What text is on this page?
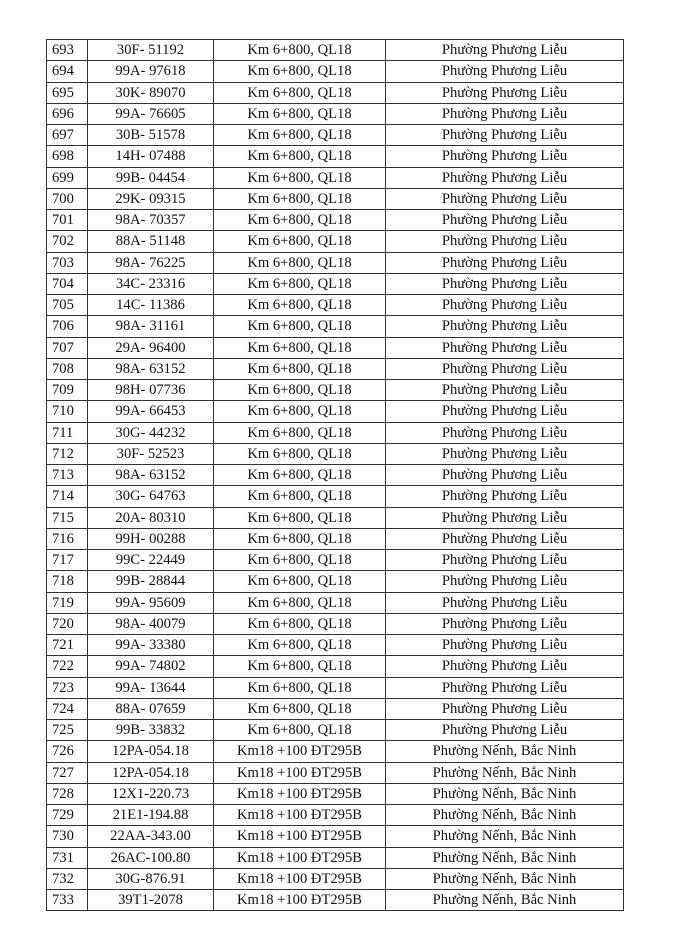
693	30F- 51192	Km 6+800, QL18	Phường Phương Liễu
694	99A- 97618	Km 6+800, QL18	Phường Phương Liễu
695	30K- 89070	Km 6+800, QL18	Phường Phương Liễu
696	99A- 76605	Km 6+800, QL18	Phường Phương Liễu
697	30B- 51578	Km 6+800, QL18	Phường Phương Liễu
698	14H- 07488	Km 6+800, QL18	Phường Phương Liễu
699	99B- 04454	Km 6+800, QL18	Phường Phương Liễu
700	29K- 09315	Km 6+800, QL18	Phường Phương Liễu
701	98A- 70357	Km 6+800, QL18	Phường Phương Liễu
702	88A- 51148	Km 6+800, QL18	Phường Phương Liễu
703	98A- 76225	Km 6+800, QL18	Phường Phương Liễu
704	34C- 23316	Km 6+800, QL18	Phường Phương Liễu
705	14C- 11386	Km 6+800, QL18	Phường Phương Liễu
706	98A- 31161	Km 6+800, QL18	Phường Phương Liễu
707	29A- 96400	Km 6+800, QL18	Phường Phương Liễu
708	98A- 63152	Km 6+800, QL18	Phường Phương Liễu
709	98H- 07736	Km 6+800, QL18	Phường Phương Liễu
710	99A- 66453	Km 6+800, QL18	Phường Phương Liễu
711	30G- 44232	Km 6+800, QL18	Phường Phương Liễu
712	30F- 52523	Km 6+800, QL18	Phường Phương Liễu
713	98A- 63152	Km 6+800, QL18	Phường Phương Liễu
714	30G- 64763	Km 6+800, QL18	Phường Phương Liễu
715	20A- 80310	Km 6+800, QL18	Phường Phương Liễu
716	99H- 00288	Km 6+800, QL18	Phường Phương Liễu
717	99C- 22449	Km 6+800, QL18	Phường Phương Liễu
718	99B- 28844	Km 6+800, QL18	Phường Phương Liễu
719	99A- 95609	Km 6+800, QL18	Phường Phương Liễu
720	98A- 40079	Km 6+800, QL18	Phường Phương Liễu
721	99A- 33380	Km 6+800, QL18	Phường Phương Liễu
722	99A- 74802	Km 6+800, QL18	Phường Phương Liễu
723	99A- 13644	Km 6+800, QL18	Phường Phương Liễu
724	88A- 07659	Km 6+800, QL18	Phường Phương Liễu
725	99B- 33832	Km 6+800, QL18	Phường Phương Liễu
726	12PA-054.18	Km18 +100 ĐT295B	Phường Nếnh, Bắc Ninh
727	12PA-054.18	Km18 +100 ĐT295B	Phường Nếnh, Bắc Ninh
728	12X1-220.73	Km18 +100 ĐT295B	Phường Nếnh, Bắc Ninh
729	21E1-194.88	Km18 +100 ĐT295B	Phường Nếnh, Bắc Ninh
730	22AA-343.00	Km18 +100 ĐT295B	Phường Nếnh, Bắc Ninh
731	26AC-100.80	Km18 +100 ĐT295B	Phường Nếnh, Bắc Ninh
732	30G-876.91	Km18 +100 ĐT295B	Phường Nếnh, Bắc Ninh
733	39T1-2078	Km18 +100 ĐT295B	Phường Nếnh, Bắc Ninh
